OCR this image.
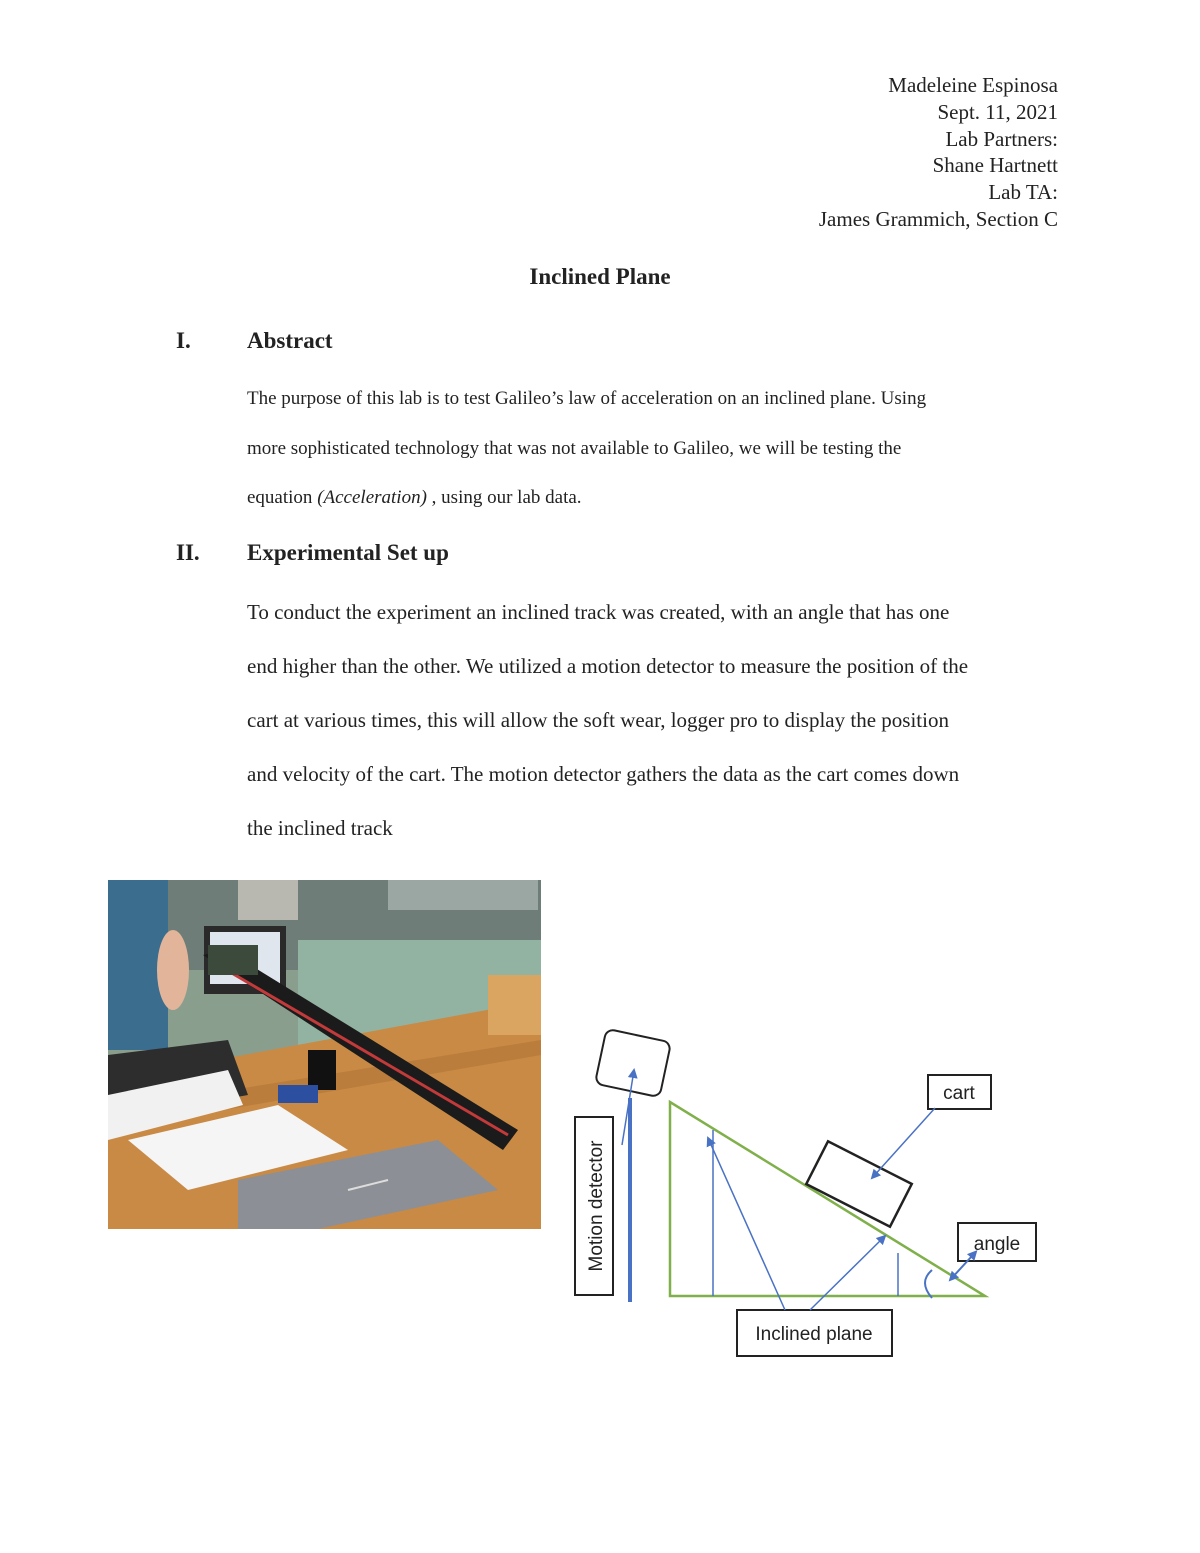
Madeleine Espinosa
Sept. 11, 2021
Lab Partners:
Shane Hartnett
Lab TA:
James Grammich, Section C
Inclined Plane
I. Abstract
The purpose of this lab is to test Galileo’s law of acceleration on an inclined plane. Using
more sophisticated technology that was not available to Galileo, we will be testing the
equation (Acceleration) , using our lab data.
II. Experimental Set up
To conduct the experiment an inclined track was created, with an angle that has one
end higher than the other. We utilized a motion detector to measure the position of the
cart at various times, this will allow the soft wear, logger pro to display the position
and velocity of the cart. The motion detector gathers the data as the cart comes down
the inclined track
Motion detector
cart
angle
Inclined plane
